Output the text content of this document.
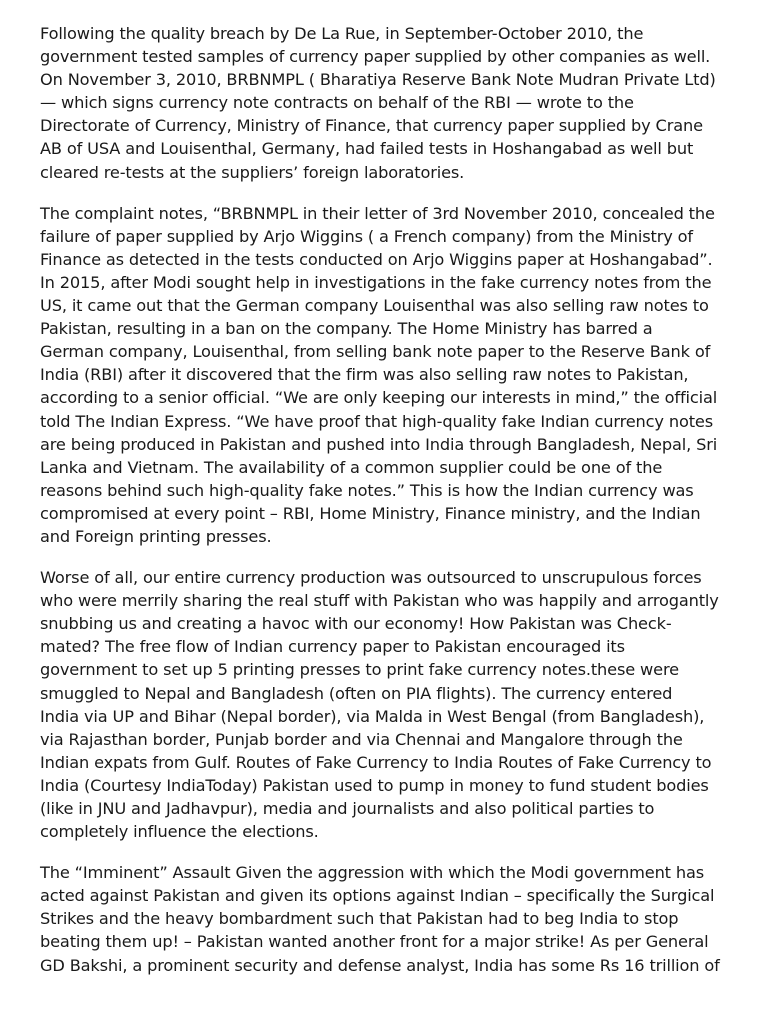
Following the quality breach by De La Rue, in September-October 2010, the
government tested samples of currency paper supplied by other companies as well.
On November 3, 2010, BRBNMPL ( Bharatiya Reserve Bank Note Mudran Private Ltd)
— which signs currency note contracts on behalf of the RBI — wrote to the
Directorate of Currency, Ministry of Finance, that currency paper supplied by Crane
AB of USA and Louisenthal, Germany, had failed tests in Hoshangabad as well but
cleared re-tests at the suppliers’ foreign laboratories.

The complaint notes, “BRBNMPL in their letter of 3rd November 2010, concealed the
failure of paper supplied by Arjo Wiggins ( a French company) from the Ministry of
Finance as detected in the tests conducted on Arjo Wiggins paper at Hoshangabad”.
In 2015, after Modi sought help in investigations in the fake currency notes from the
US, it came out that the German company Louisenthal was also selling raw notes to
Pakistan, resulting in a ban on the company. The Home Ministry has barred a
German company, Louisenthal, from selling bank note paper to the Reserve Bank of
India (RBI) after it discovered that the firm was also selling raw notes to Pakistan,
according to a senior official. “We are only keeping our interests in mind,” the official
told The Indian Express. “We have proof that high-quality fake Indian currency notes
are being produced in Pakistan and pushed into India through Bangladesh, Nepal, Sri
Lanka and Vietnam. The availability of a common supplier could be one of the
reasons behind such high-quality fake notes.” This is how the Indian currency was
compromised at every point – RBI, Home Ministry, Finance ministry, and the Indian
and Foreign printing presses.

Worse of all, our entire currency production was outsourced to unscrupulous forces
who were merrily sharing the real stuff with Pakistan who was happily and arrogantly
snubbing us and creating a havoc with our economy! How Pakistan was Check-
mated? The free flow of Indian currency paper to Pakistan encouraged its
government to set up 5 printing presses to print fake currency notes.these were
smuggled to Nepal and Bangladesh (often on PIA flights). The currency entered
India via UP and Bihar (Nepal border), via Malda in West Bengal (from Bangladesh),
via Rajasthan border, Punjab border and via Chennai and Mangalore through the
Indian expats from Gulf. Routes of Fake Currency to India Routes of Fake Currency to
India (Courtesy IndiaToday) Pakistan used to pump in money to fund student bodies
(like in JNU and Jadhavpur), media and journalists and also political parties to
completely influence the elections.

The “Imminent” Assault Given the aggression with which the Modi government has
acted against Pakistan and given its options against Indian – specifically the Surgical
Strikes and the heavy bombardment such that Pakistan had to beg India to stop
beating them up! – Pakistan wanted another front for a major strike! As per General
GD Bakshi, a prominent security and defense analyst, India has some Rs 16 trillion of
